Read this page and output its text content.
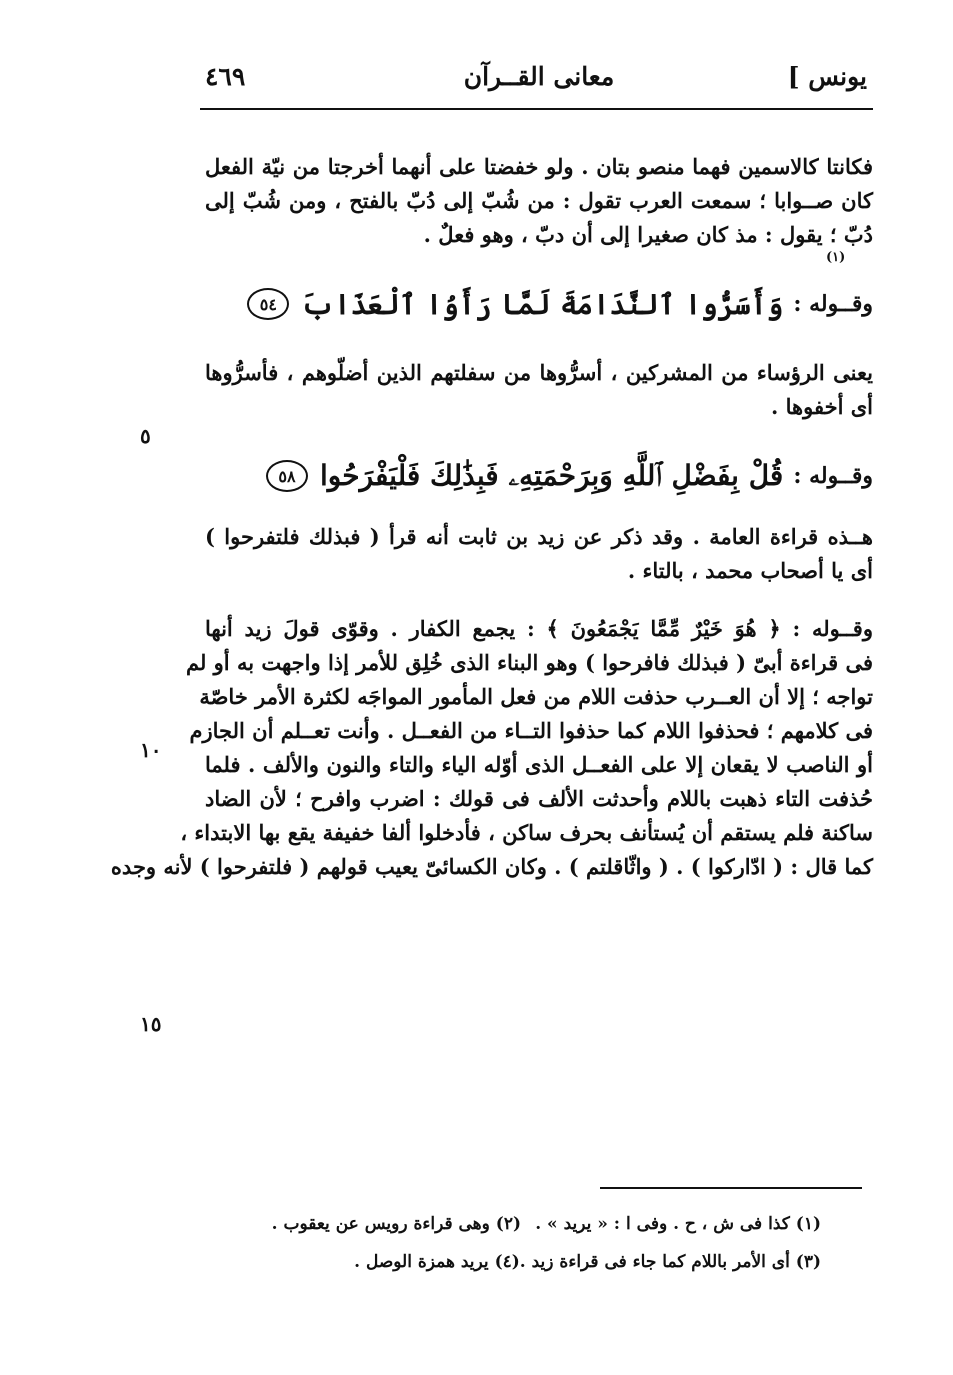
يونس ]
معانى القــرآن
٤٦٩
٥
١٠
١٥
(١)
فكانتا كالاسمين فهما منصو بتان . ولو خفضتا على أنهما أخرجتا من نيّة الفعل
كان صــوابا ؛ سمعت العرب تقول : من شُبّ إلى دُبّ بالفتح ، ومن شُبّ إلى
دُبّ ؛ يقول : مذ كان صغيرا إلى أن دبّ ، وهو فعلٌ .
وقــوله :
وَأَسَرُّوا ٱلنَّدَامَةَ لَمَّا رَأَوُا ٱلْعَذَابَ
٥٤
يعنى الرؤساء من المشركين ، أسرُّوها من سفلتهم الذين أضلّوهم ، فأسرُّوها
أى أخفوها .
وقــوله :
قُلْ بِفَضْلِ ٱللَّهِ وَبِرَحْمَتِهِۦ فَبِذَٰلِكَ فَلْيَفْرَحُوا
٥٨
هــذه قراءة العامة . وقد ذكر عن زيد بن ثابت أنه قرأ ( فبذلك فلتفرحوا )
أى يا أصحاب محمد ، بالتاء .
وقــوله : ﴿ هُوَ خَيْرٌ مِّمَّا يَجْمَعُونَ ﴾ : يجمع الكفار . وقوّى قولَ زيد أنها
فى قراءة أبىّ ( فبذلك فافرحوا ) وهو البناء الذى خُلِق للأمر إذا واجهت به أو لم
تواجه ؛ إلا أن العــرب حذفت اللام من فعل المأمور المواجَه لكثرة الأمر خاصّة
فى كلامهم ؛ فحذفوا اللام كما حذفوا التــاء من الفعــل . وأنت تعــلم أن الجازم
أو الناصب لا يقعان إلا على الفعــل الذى أوّله الياء والتاء والنون والألف . فلما
حُذفت التاء ذهبت باللام وأحدثت الألف فى قولك : اضرب وافرح ؛ لأن الضاد
ساكنة فلم يستقم أن يُستأنف بحرف ساكن ، فأدخلوا ألفا خفيفة يقع بها الابتداء ،
كما قال : ( ادّاركوا ) . ( واثّاقلتم ) . وكان الكسائىّ يعيب قولهم ( فلتفرحوا ) لأنه وجده
(١) كذا فى ش ، ح . وفى ا : « يريد » .
(٢) وهى قراءة رويس عن يعقوب .
(٣) أى الأمر باللام كما جاء فى قراءة زيد .
(٤) يريد همزة الوصل .
